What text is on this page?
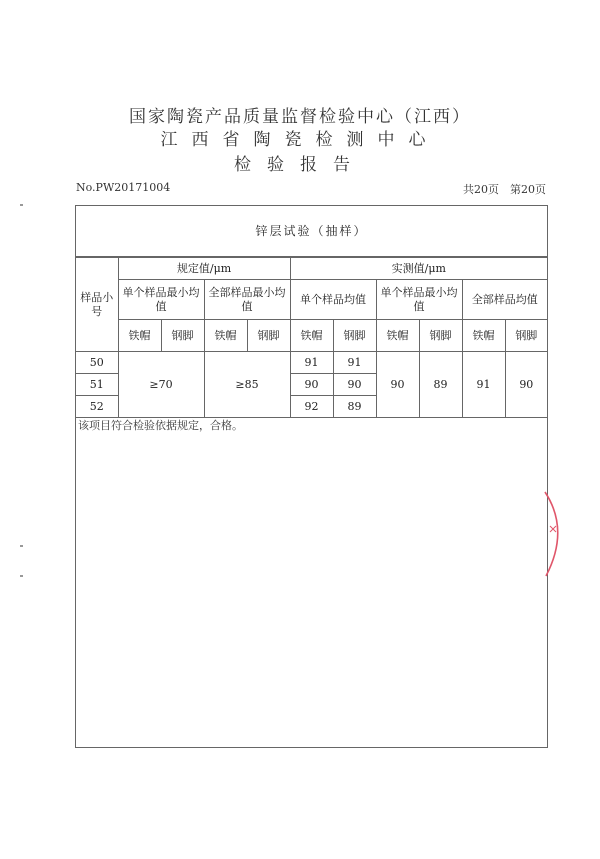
国家陶瓷产品质量监督检验中心（江西）
江西省陶瓷检测中心
检验报告
No.PW20171004	共20页　第20页
锌层试验（抽样）
样品小号	规定值/μm				实测值/μm					
	单个样品最小均值		全部样品最小均值		单个样品均值		单个样品最小均值		全部样品均值	
	铁帽	钢脚	铁帽	钢脚	铁帽	钢脚	铁帽	钢脚	铁帽	钢脚
50	≥70		≥85		91	91	90	89	91	90
51					90	90				
52					92	89				
该项目符合检验依据规定，合格。
